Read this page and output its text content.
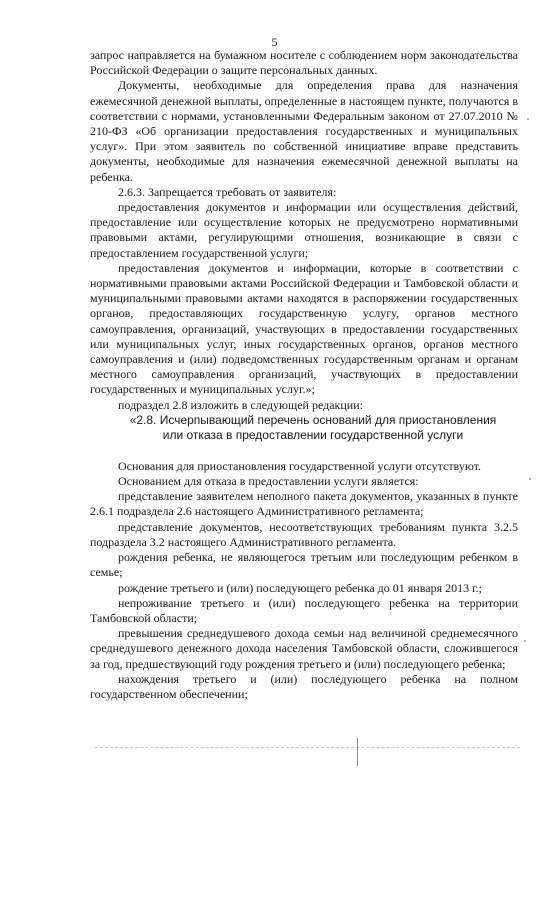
5

запрос направляется на бумажном носителе с соблюдением норм законодательства Российской Федерации о защите персональных данных.

Документы, необходимые для определения права для назначения ежемесячной денежной выплаты, определенные в настоящем пункте, получаются в соответствии с нормами, установленными Федеральным законом от 27.07.2010 № 210-ФЗ «Об организации предоставления государственных и муниципальных услуг». При этом заявитель по собственной инициативе вправе представить документы, необходимые для назначения ежемесячной денежной выплаты на ребенка.

2.6.3. Запрещается требовать от заявителя:

предоставления документов и информации или осуществления действий, предоставление или осуществление которых не предусмотрено нормативными правовыми актами, регулирующими отношения, возникающие в связи с предоставлением государственной услуги;

предоставления документов и информации, которые в соответствии с нормативными правовыми актами Российской Федерации и Тамбовской области и муниципальными правовыми актами находятся в распоряжении государственных органов, предоставляющих государственную услугу, органов местного самоуправления, организаций, участвующих в предоставлении государственных или муниципальных услуг, иных государственных органов, органов местного самоуправления и (или) подведомственных государственным органам и органам местного самоуправления организаций, участвующих в предоставлении государственных и муниципальных услуг.»;

подраздел 2.8 изложить в следующей редакции:

«2.8. Исчерпывающий перечень оснований для приостановления или отказа в предоставлении государственной услуги

Основания для приостановления государственной услуги отсутствуют.

Основанием для отказа в предоставлении услуги является:

представление заявителем неполного пакета документов, указанных в пункте 2.6.1 подраздела 2.6 настоящего Административного регламента;

представление документов, несоответствующих требованиям пункта 3.2.5 подраздела 3.2 настоящего Административного регламента.

рождения ребенка, не являющегося третьим или последующим ребенком в семье;

рождение третьего и (или) последующего ребенка до 01 января 2013 г.;

непроживание третьего и (или) последующего ребенка на территории Тамбовской области;

превышения среднедушевого дохода семьи над величиной среднемесячного среднедушевого денежного дохода населения Тамбовской области, сложившегося за год, предшествующий году рождения третьего и (или) последующего ребенка;

нахождения третьего и (или) последующего ребенка на полном государственном обеспечении;
